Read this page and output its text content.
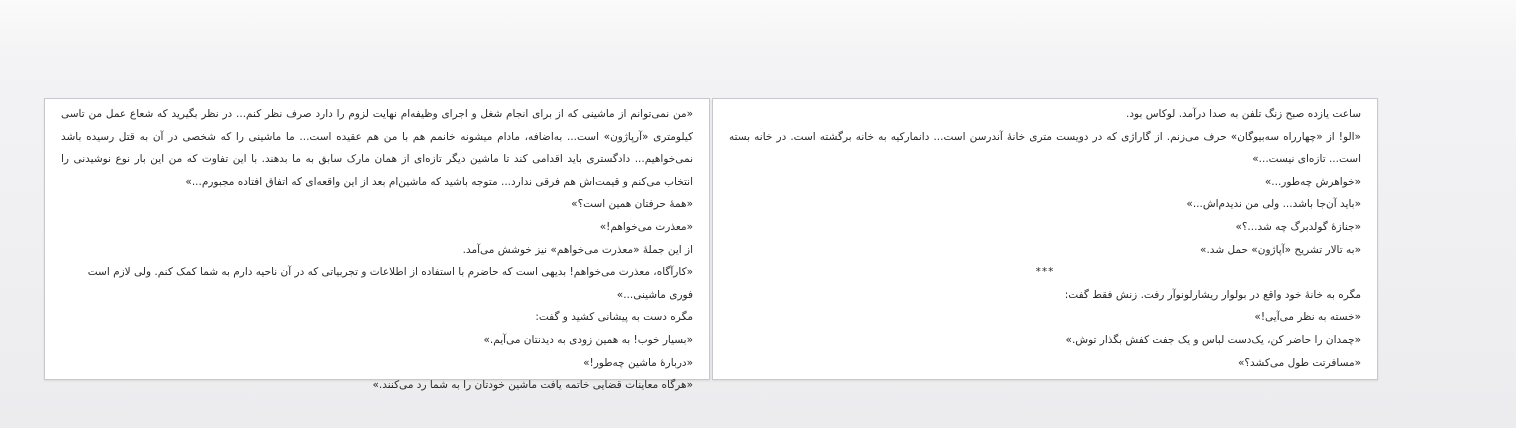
ساعت یازده صبح زنگ تلفن به صدا درآمد. لوکاس بود.

«الو! از «چهارراه سه‌بیوگان» حرف می‌زنم. از گاراژی که در دویست متری خانهٔ آندرسن است... دانمارکیه به خانه برگشته است. در خانه بسته است... تازه‌ای نیست...»

«خواهرش چه‌طور...»

«باید آن‌جا باشد... ولی من ندیدم‌اش...»

«جنازهٔ گولدبرگ چه شد...؟»

«به تالار تشریح «آپاژون» حمل شد.»

***

مگره به خانهٔ خود واقع در بولوار ریشارلونوآر رفت. زنش فقط گفت:

«خسته به نظر می‌آیی!»

«چمدان را حاضر کن، یک‌دست لباس و یک جفت کفش بگذار توش.»

«مسافرتت طول می‌کشد؟»

«من نمی‌توانم از ماشینی که از برای انجام شغل و اجرای وظیفه‌ام نهایت لزوم را دارد صرف نظر کنم... در نظر بگیرید که شعاع عمل من تاسی کیلومتری «آرپاژون» است... به‌اضافه، مادام میشونه خانمم هم با من هم عقیده است... ما ماشینی را که شخصی در آن به قتل رسیده باشد نمی‌خواهیم... دادگستری باید اقدامی کند تا ماشین دیگر تازه‌ای از همان مارک سابق به ما بدهند. با این تفاوت که من این بار نوع نوشیدنی را انتخاب می‌کنم و قیمت‌اش هم فرقی ندارد... متوجه باشید که ماشین‌ام بعد از این واقعه‌ای که اتفاق افتاده مجبورم...»

«همهٔ حرفتان همین است؟»

«معذرت می‌خواهم!»

از این جملهٔ «معذرت می‌خواهم» نیز خوشش می‌آمد.

«کارآگاه، معذرت می‌خواهم! بدیهی است که حاضرم با استفاده از اطلاعات و تجربیاتی که در آن ناحیه دارم به شما کمک کنم. ولی لازم است فوری ماشینی...»

مگره دست به پیشانی کشید و گفت:

«بسیار خوب! به همین زودی به دیدنتان می‌آیم.»

«دربارهٔ ماشین چه‌طور!»

«هرگاه معاینات قضایی خاتمه یافت ماشین خودتان را به شما رد می‌کنند.»
